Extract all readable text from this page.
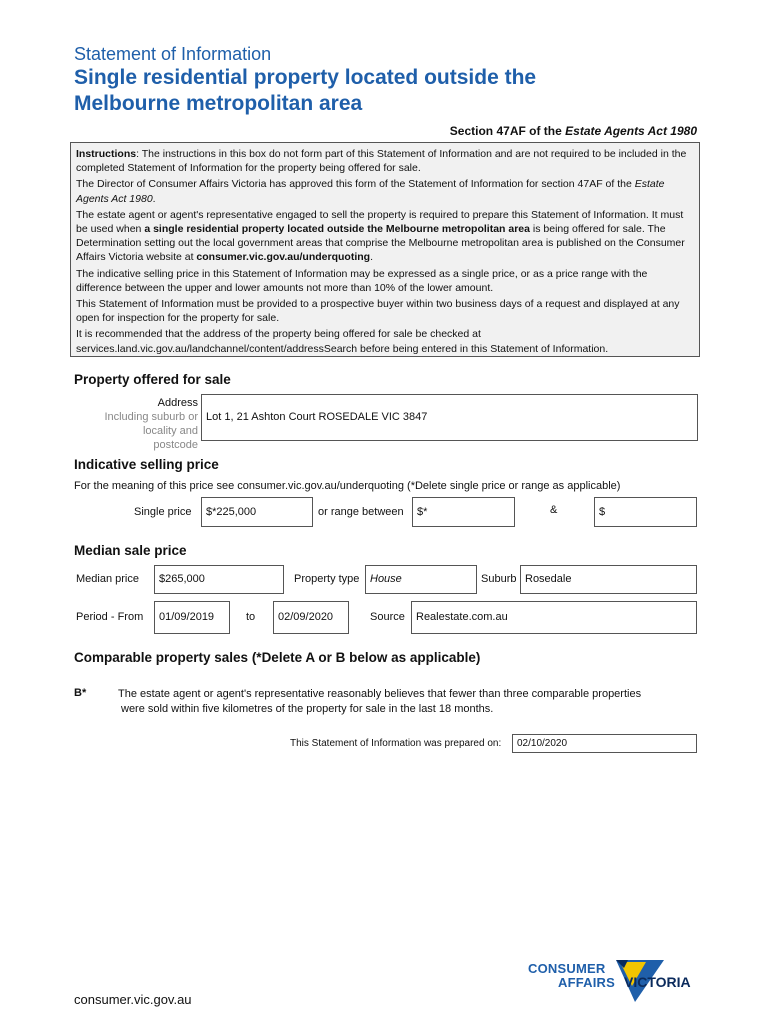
Statement of Information
Single residential property located outside the
Melbourne metropolitan area
Section 47AF of the Estate Agents Act 1980

Instructions: The instructions in this box do not form part of this Statement of Information and are not required to be included in the completed Statement of Information for the property being offered for sale.

The Director of Consumer Affairs Victoria has approved this form of the Statement of Information for section 47AF of the Estate Agents Act 1980.

The estate agent or agent's representative engaged to sell the property is required to prepare this Statement of Information. It must be used when a single residential property located outside the Melbourne metropolitan area is being offered for sale. The Determination setting out the local government areas that comprise the Melbourne metropolitan area is published on the Consumer Affairs Victoria website at consumer.vic.gov.au/underquoting.

The indicative selling price in this Statement of Information may be expressed as a single price, or as a price range with the difference between the upper and lower amounts not more than 10% of the lower amount.

This Statement of Information must be provided to a prospective buyer within two business days of a request and displayed at any open for inspection for the property for sale.

It is recommended that the address of the property being offered for sale be checked at services.land.vic.gov.au/landchannel/content/addressSearch before being entered in this Statement of Information.

Property offered for sale
Address
Including suburb or
locality and postcode
Lot 1, 21 Ashton Court ROSEDALE VIC 3847
Indicative selling price
For the meaning of this price see consumer.vic.gov.au/underquoting (*Delete single price or range as applicable)
Single price	$*225,000	or range between	$*	&	$
Median sale price
Median price	$265,000	Property type House	Suburb Rosedale
Period - From	01/09/2019	to	02/09/2020	Source	Realestate.com.au
Comparable property sales (*Delete A or B below as applicable)
B*	The estate agent or agent's representative reasonably believes that fewer than three comparable properties
were sold within five kilometres of the property for sale in the last 18 months.
This Statement of Information was prepared on:	02/10/2020
CONSUMER
AFFAIRS VICTORIA
consumer.vic.gov.au
